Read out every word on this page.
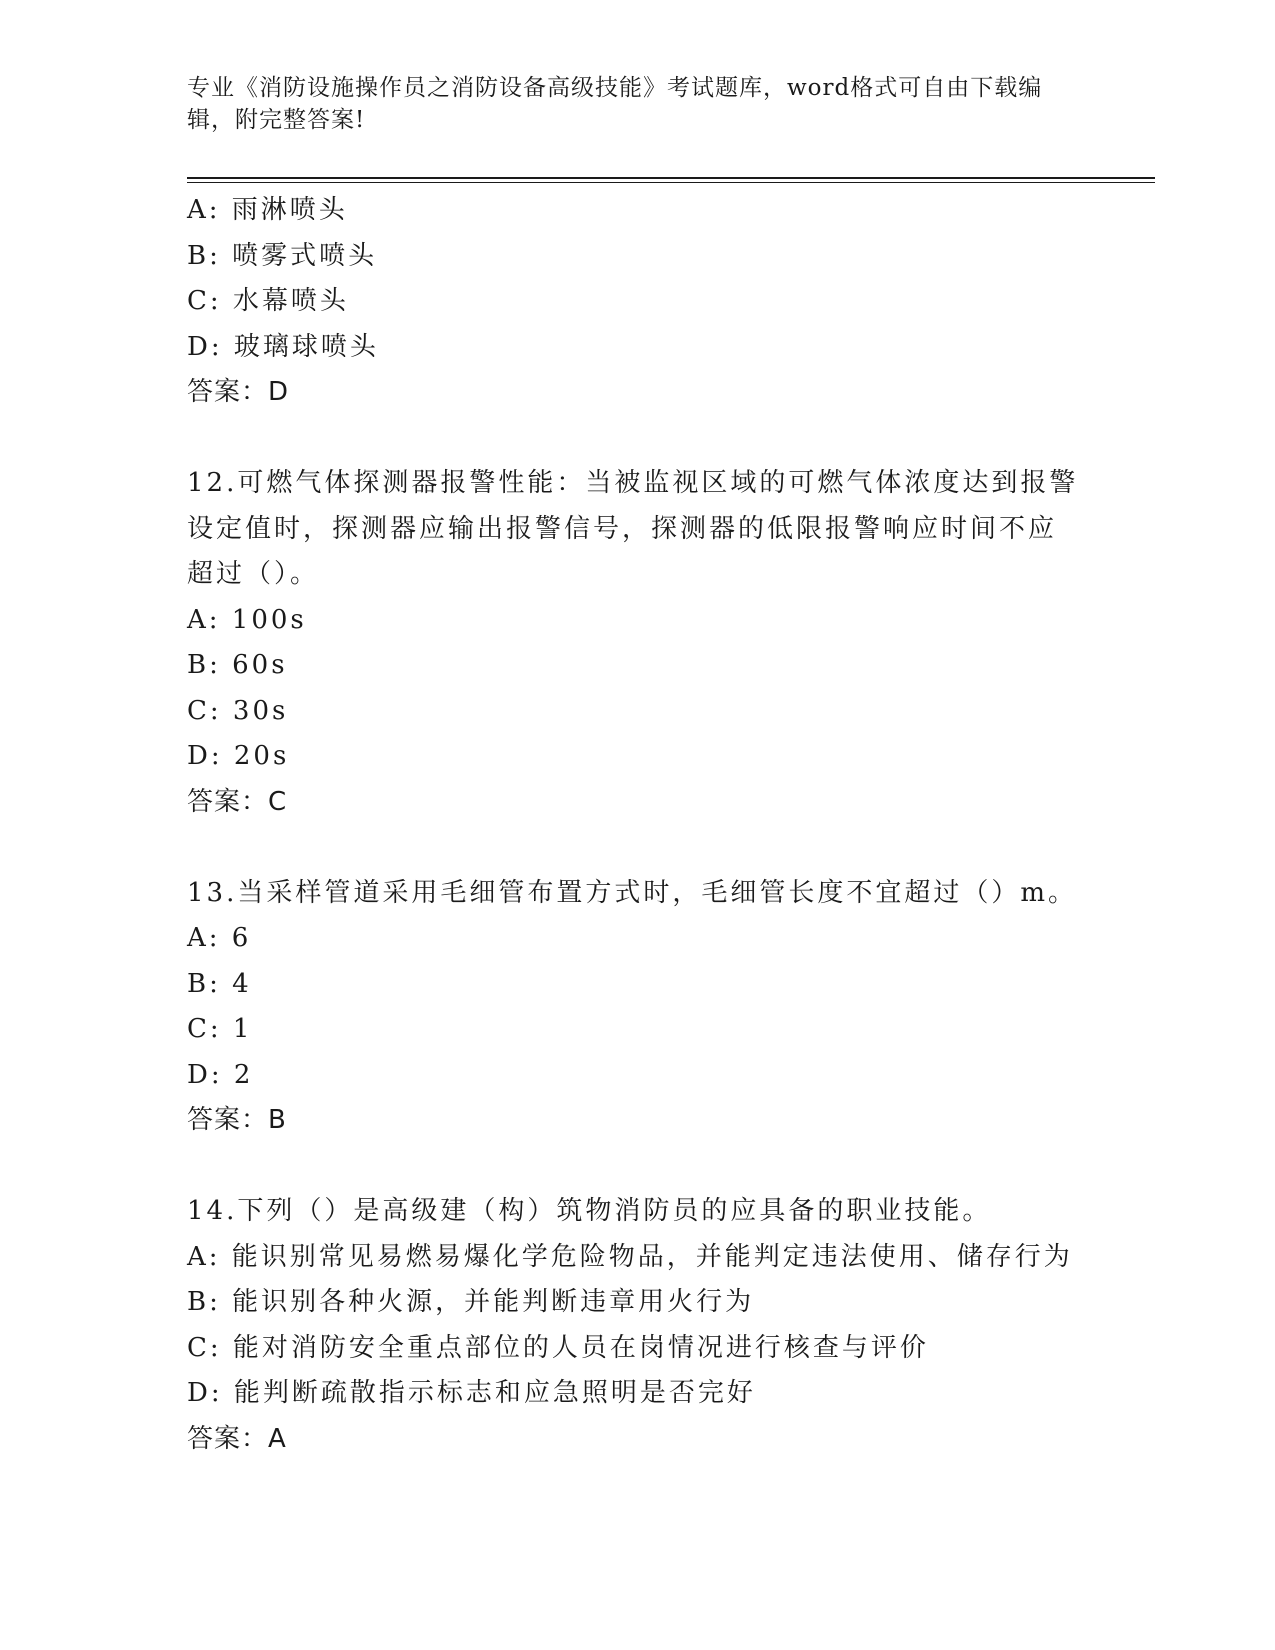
专业《消防设施操作员之消防设备高级技能》考试题库，word格式可自由下载编
辑，附完整答案!
A: 雨淋喷头
B: 喷雾式喷头
C: 水幕喷头
D: 玻璃球喷头
答案：D
12.可燃气体探测器报警性能：当被监视区域的可燃气体浓度达到报警
设定值时，探测器应输出报警信号，探测器的低限报警响应时间不应
超过（）。
A: 100s
B: 60s
C: 30s
D: 20s
答案：C
13.当采样管道采用毛细管布置方式时，毛细管长度不宜超过（）m。
A: 6
B: 4
C: 1
D: 2
答案：B
14.下列（）是高级建（构）筑物消防员的应具备的职业技能。
A: 能识别常见易燃易爆化学危险物品，并能判定违法使用、储存行为
B: 能识别各种火源，并能判断违章用火行为
C: 能对消防安全重点部位的人员在岗情况进行核查与评价
D: 能判断疏散指示标志和应急照明是否完好
答案：A
